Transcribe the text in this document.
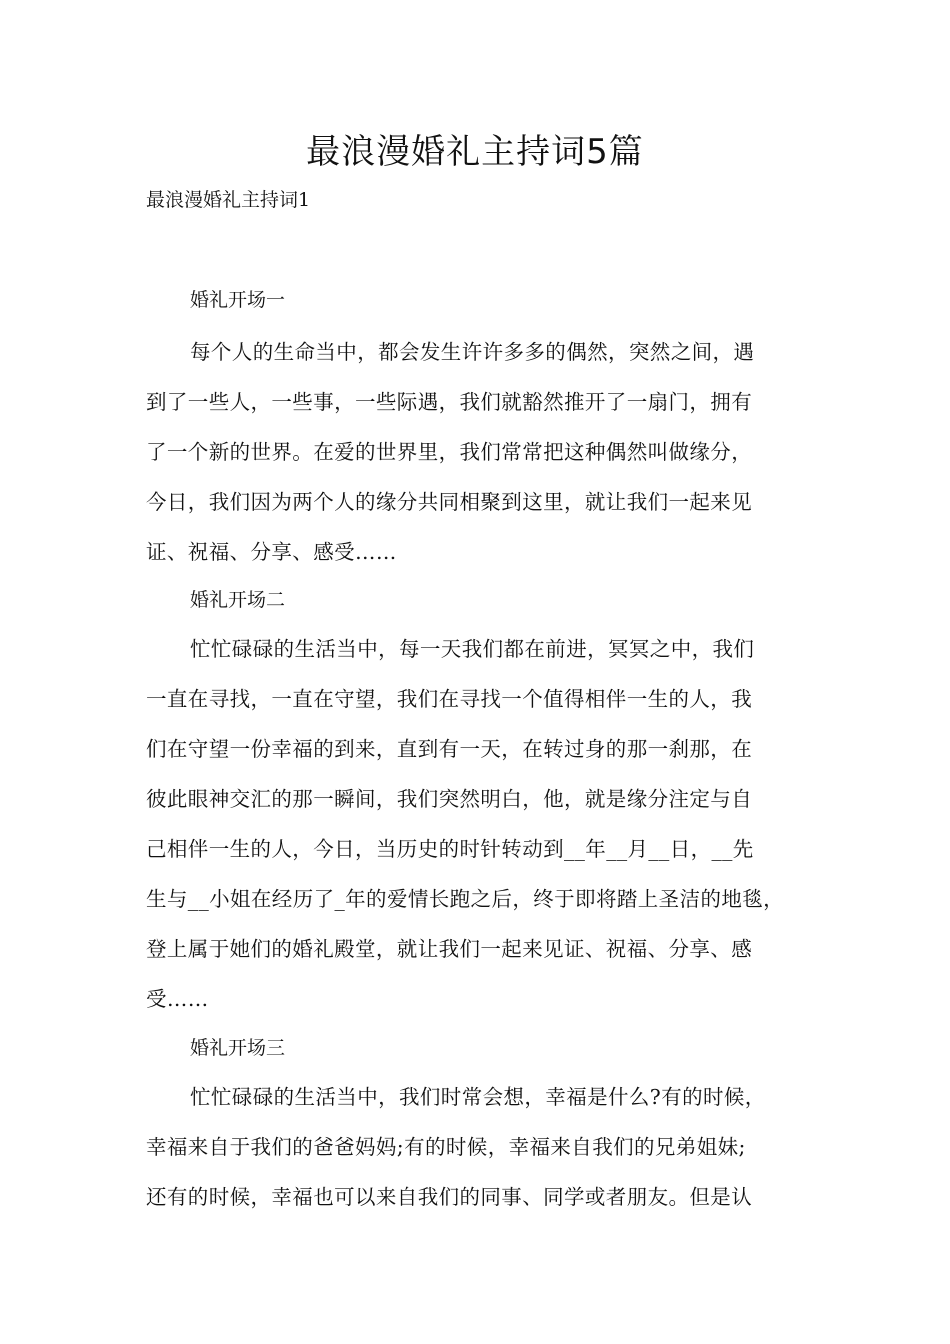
最浪漫婚礼主持词5篇

最浪漫婚礼主持词1

婚礼开场一
每个人的生命当中，都会发生许许多多的偶然，突然之间，遇
到了一些人，一些事，一些际遇，我们就豁然推开了一扇门，拥有
了一个新的世界。在爱的世界里，我们常常把这种偶然叫做缘分，
今日，我们因为两个人的缘分共同相聚到这里，就让我们一起来见
证、祝福、分享、感受……
婚礼开场二
忙忙碌碌的生活当中，每一天我们都在前进，冥冥之中，我们
一直在寻找，一直在守望，我们在寻找一个值得相伴一生的人，我
们在守望一份幸福的到来，直到有一天，在转过身的那一刹那，在
彼此眼神交汇的那一瞬间，我们突然明白，他，就是缘分注定与自
己相伴一生的人，今日，当历史的时针转动到__年__月__日，__先
生与__小姐在经历了_年的爱情长跑之后，终于即将踏上圣洁的地毯，
登上属于她们的婚礼殿堂，就让我们一起来见证、祝福、分享、感
受……
婚礼开场三
忙忙碌碌的生活当中，我们时常会想，幸福是什么?有的时候，
幸福来自于我们的爸爸妈妈;有的时候，幸福来自我们的兄弟姐妹;
还有的时候，幸福也可以来自我们的同事、同学或者朋友。但是认
